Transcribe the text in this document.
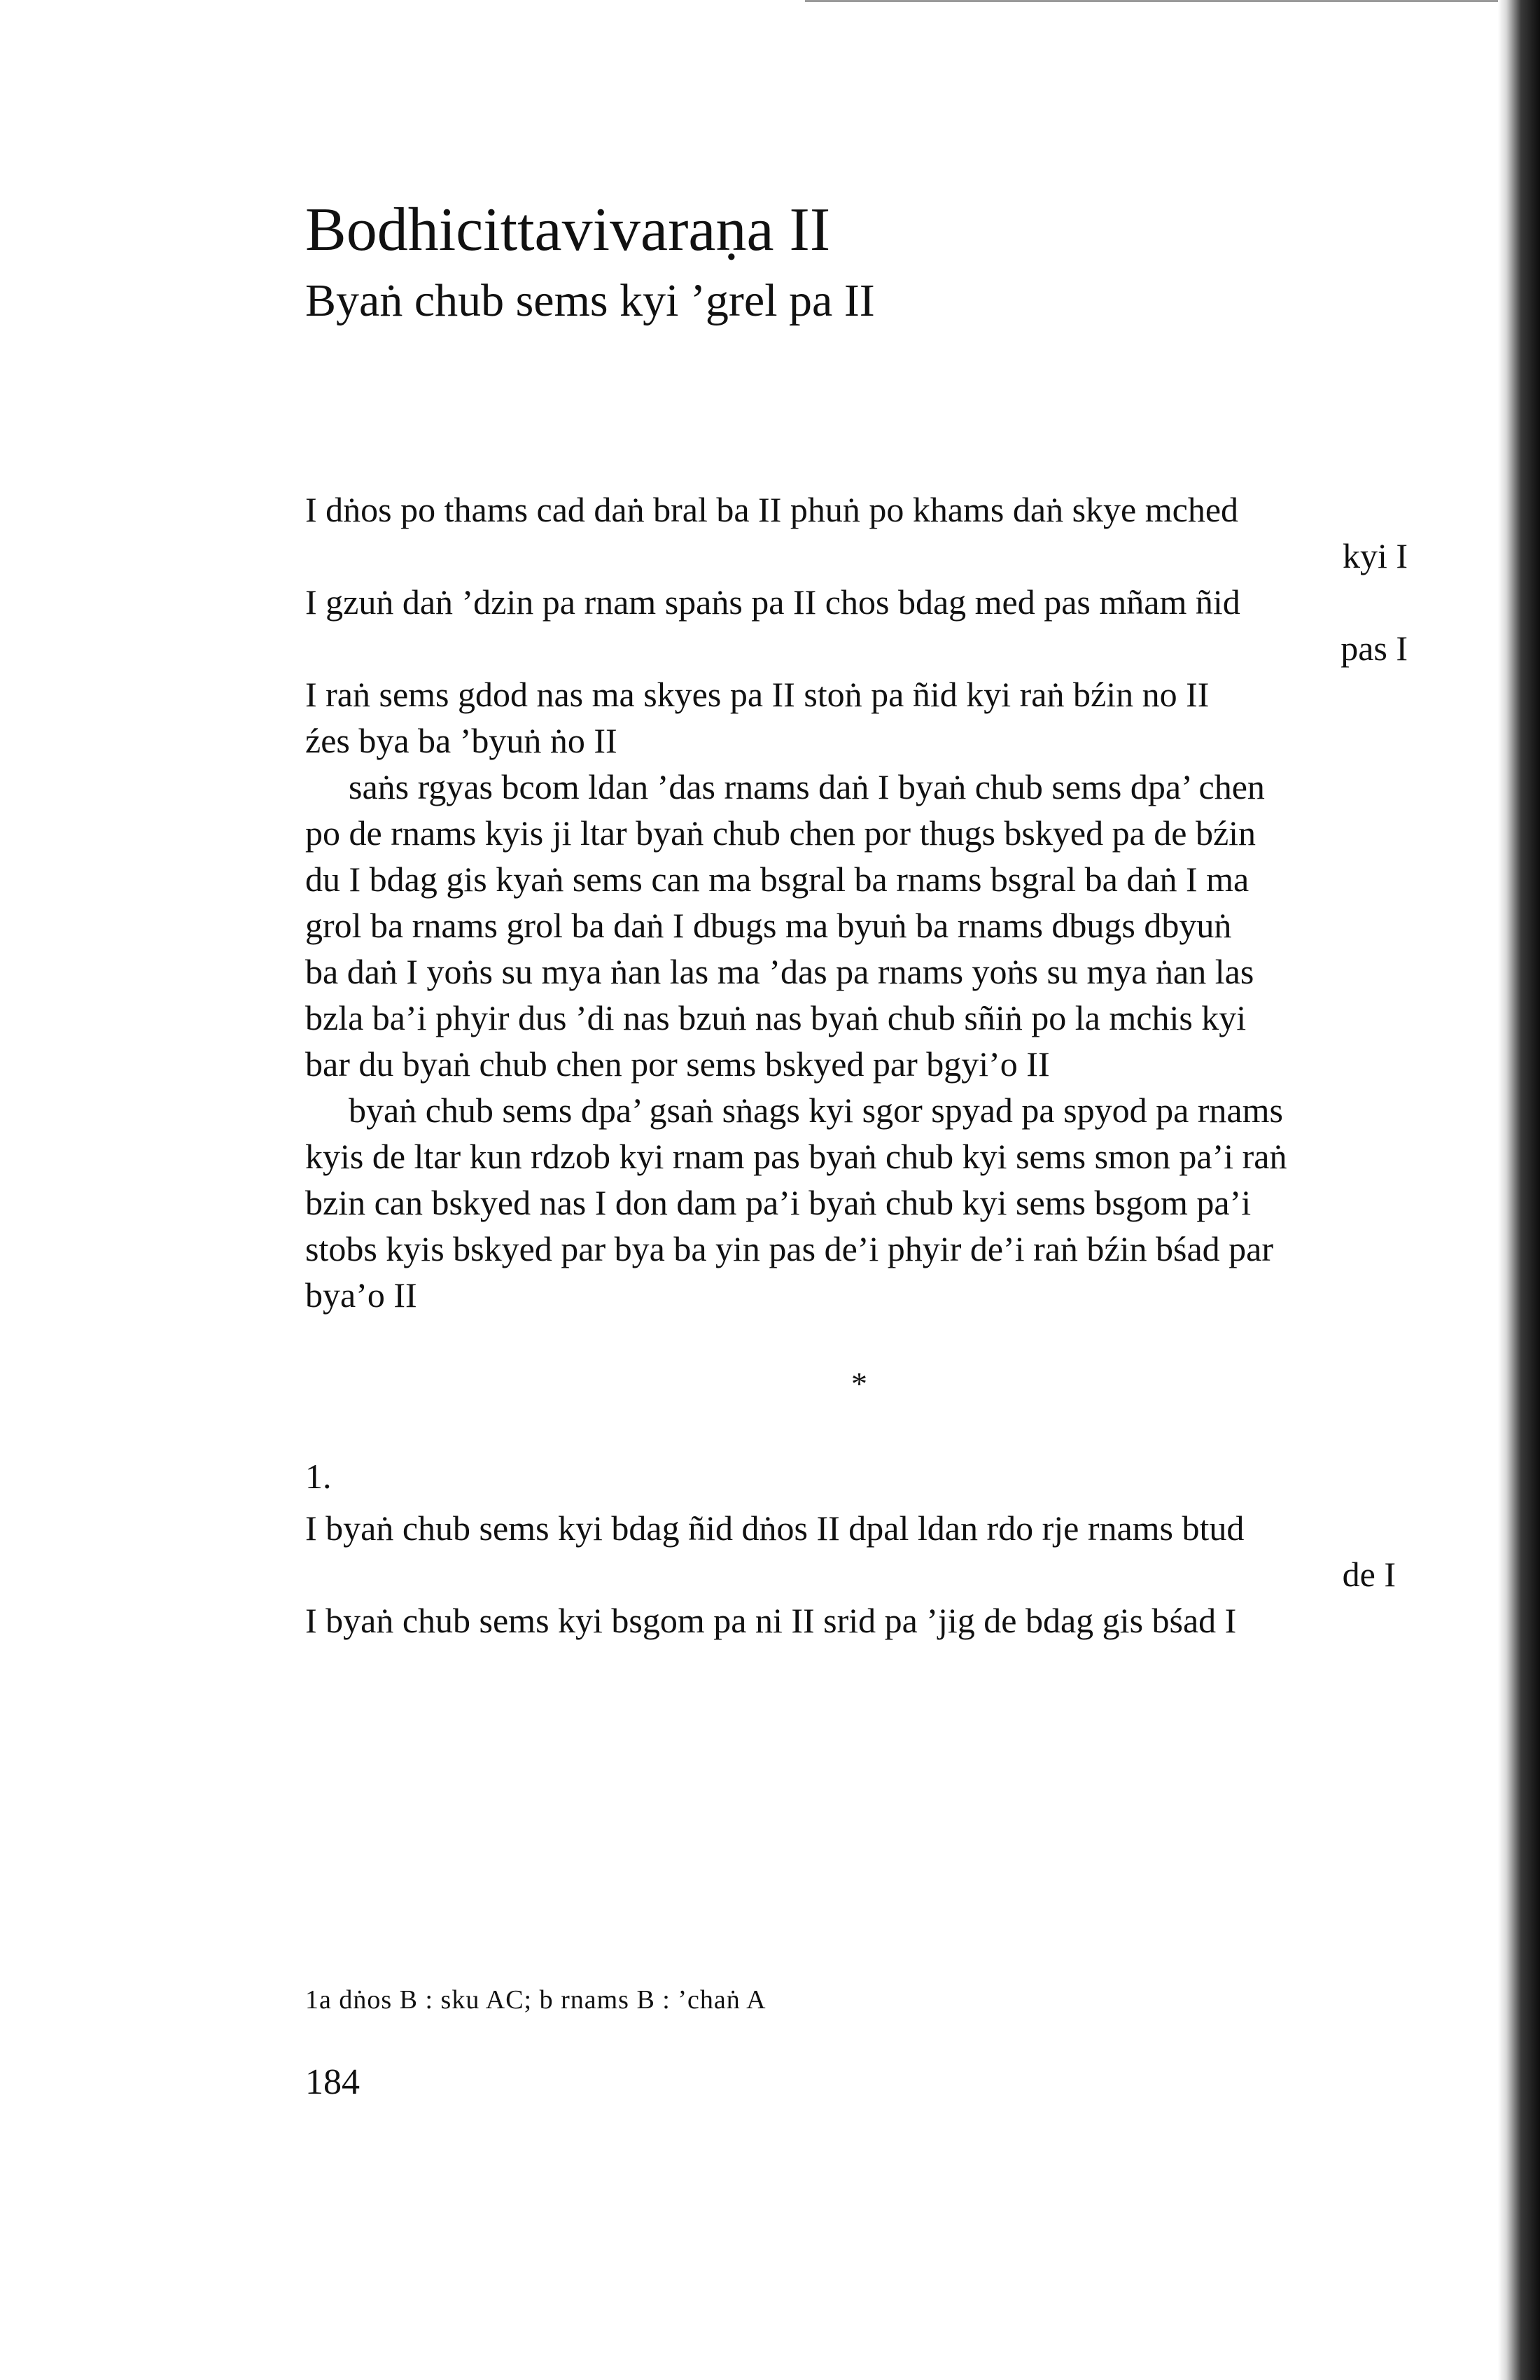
Bodhicittavivaraṇa II
Byaṅ chub sems kyi ’grel pa II
I dṅos po thams cad daṅ bral ba II phuṅ po khams daṅ skye mched
kyi I
I gzuṅ daṅ ’dzin pa rnam spaṅs pa II chos bdag med pas mñam ñid
pas I
I raṅ sems gdod nas ma skyes pa II stoṅ pa ñid kyi raṅ bźin no II
źes bya ba ’byuṅ ṅo II
saṅs rgyas bcom ldan ’das rnams daṅ I byaṅ chub sems dpa’ chen
po de rnams kyis ji ltar byaṅ chub chen por thugs bskyed pa de bźin
du I bdag gis kyaṅ sems can ma bsgral ba rnams bsgral ba daṅ I ma
grol ba rnams grol ba daṅ I dbugs ma byuṅ ba rnams dbugs dbyuṅ
ba daṅ I yoṅs su mya ṅan las ma ’das pa rnams yoṅs su mya ṅan las
bzla ba’i phyir dus ’di nas bzuṅ nas byaṅ chub sñiṅ po la mchis kyi
bar du byaṅ chub chen por sems bskyed par bgyi’o II
byaṅ chub sems dpa’ gsaṅ sṅags kyi sgor spyad pa spyod pa rnams
kyis de ltar kun rdzob kyi rnam pas byaṅ chub kyi sems smon pa’i raṅ
bzin can bskyed nas I don dam pa’i byaṅ chub kyi sems bsgom pa’i
stobs kyis bskyed par bya ba yin pas de’i phyir de’i raṅ bźin bśad par
bya’o II
*
1.
I byaṅ chub sems kyi bdag ñid dṅos II dpal ldan rdo rje rnams btud
de I
I byaṅ chub sems kyi bsgom pa ni II srid pa ’jig de bdag gis bśad I
1a dṅos B : sku AC; b rnams B : ’chaṅ A
184
